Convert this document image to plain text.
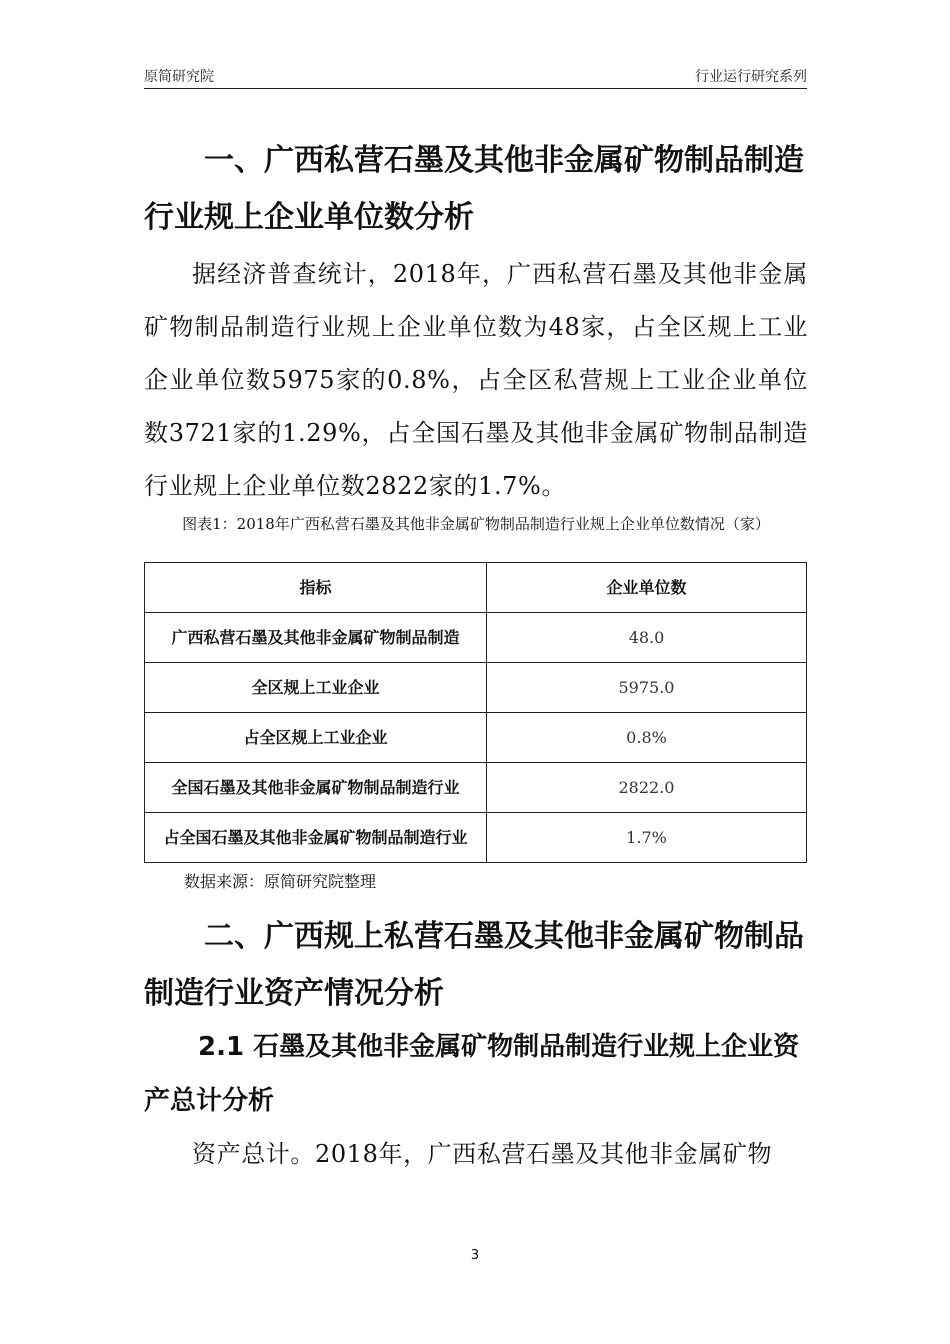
原简研究院	行业运行研究系列
一、广西私营石墨及其他非金属矿物制品制造行业规上企业单位数分析

据经济普查统计，2018年，广西私营石墨及其他非金属矿物制品制造行业规上企业单位数为48家，占全区规上工业企业单位数5975家的0.8%，占全区私营规上工业企业单位数3721家的1.29%，占全国石墨及其他非金属矿物制品制造行业规上企业单位数2822家的1.7%。

图表1：2018年广西私营石墨及其他非金属矿物制品制造行业规上企业单位数情况（家）
指标	企业单位数
广西私营石墨及其他非金属矿物制品制造	48.0
全区规上工业企业	5975.0
占全区规上工业企业	0.8%
全国石墨及其他非金属矿物制品制造行业	2822.0
占全国石墨及其他非金属矿物制品制造行业	1.7%
数据来源：原简研究院整理
二、广西规上私营石墨及其他非金属矿物制品制造行业资产情况分析
2.1 石墨及其他非金属矿物制品制造行业规上企业资产总计分析

资产总计。2018年，广西私营石墨及其他非金属矿物

3
